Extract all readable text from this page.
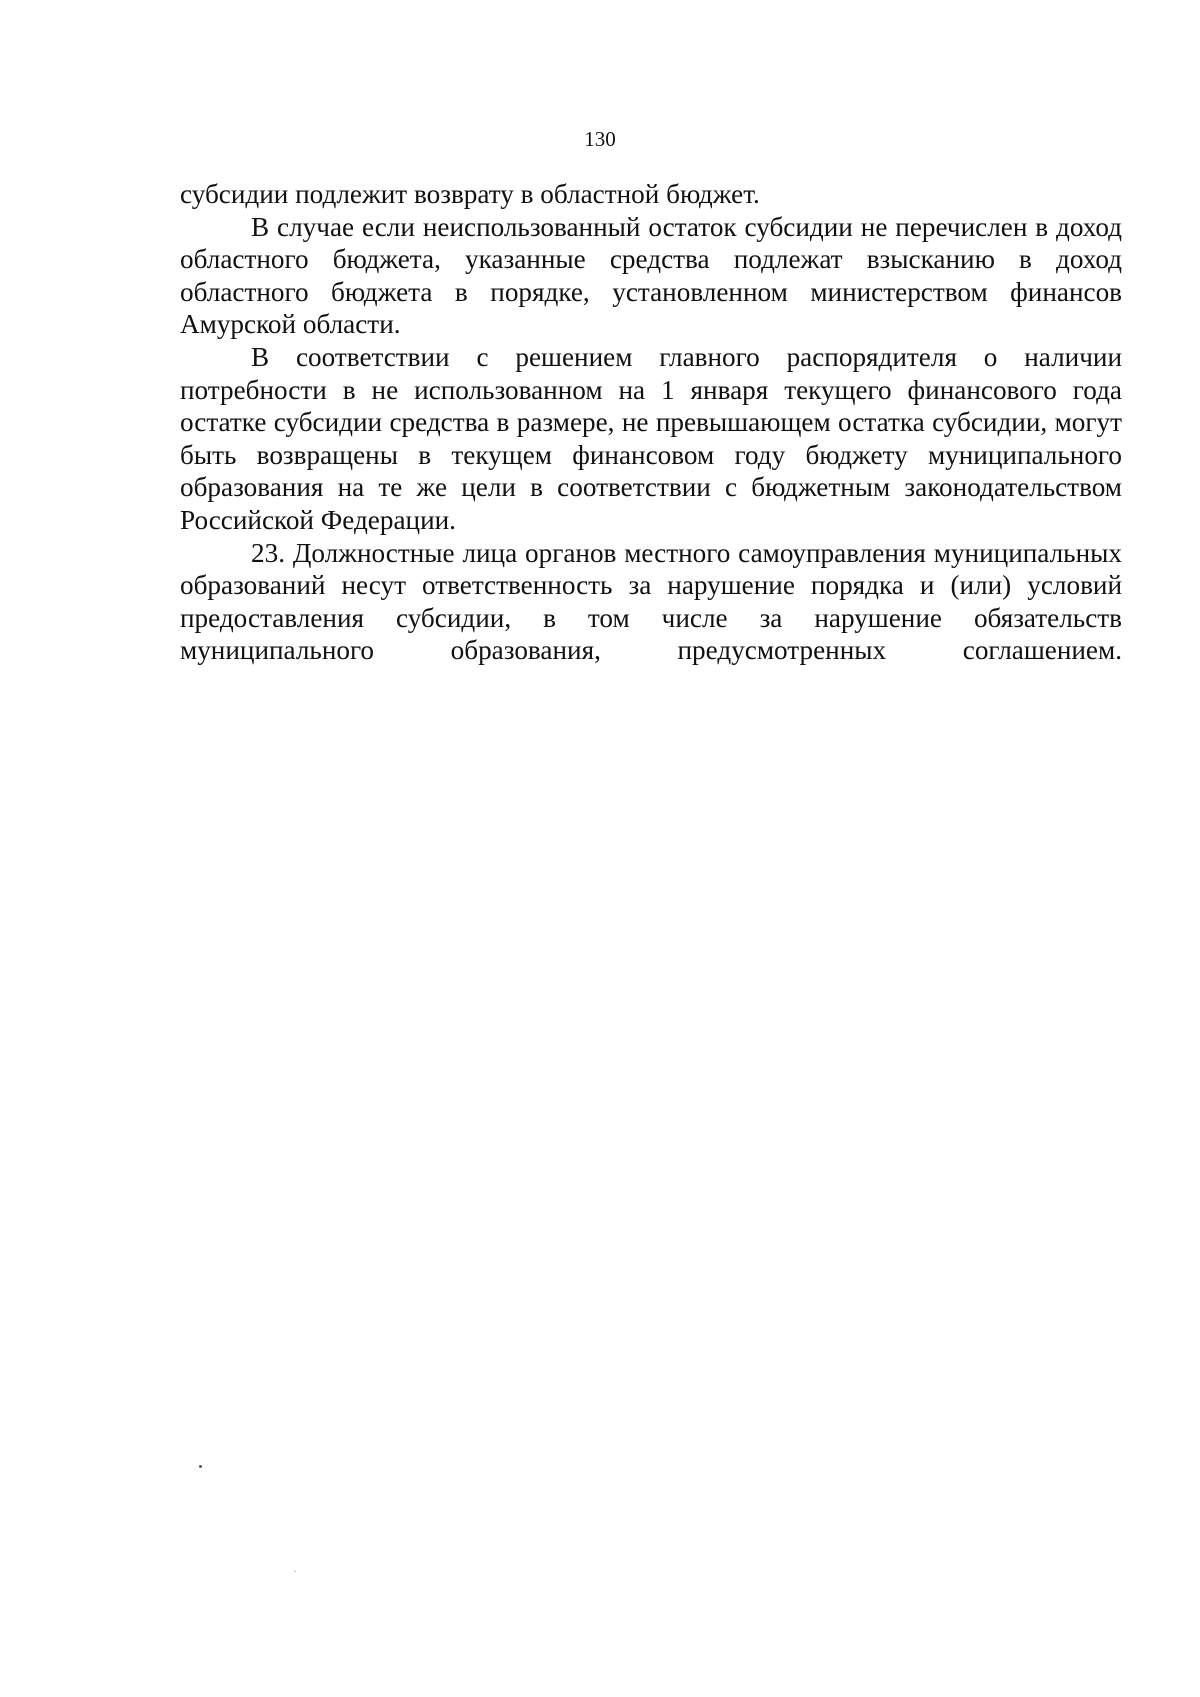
130

субсидии подлежит возврату в областной бюджет.

В случае если неиспользованный остаток субсидии не перечислен в доход областного бюджета, указанные средства подлежат взысканию в доход областного бюджета в порядке, установленном министерством финансов Амурской области.

В соответствии с решением главного распорядителя о наличии потребности в не использованном на 1 января текущего финансового года остатке субсидии средства в размере, не превышающем остатка субсидии, могут быть возвращены в текущем финансовом году бюджету муниципального образования на те же цели в соответствии с бюджетным законодательством Российской Федерации.

23. Должностные лица органов местного самоуправления муниципальных образований несут ответственность за нарушение порядка и (или) условий предоставления субсидии, в том числе за нарушение обязательств муниципального образования, предусмотренных соглашением.
